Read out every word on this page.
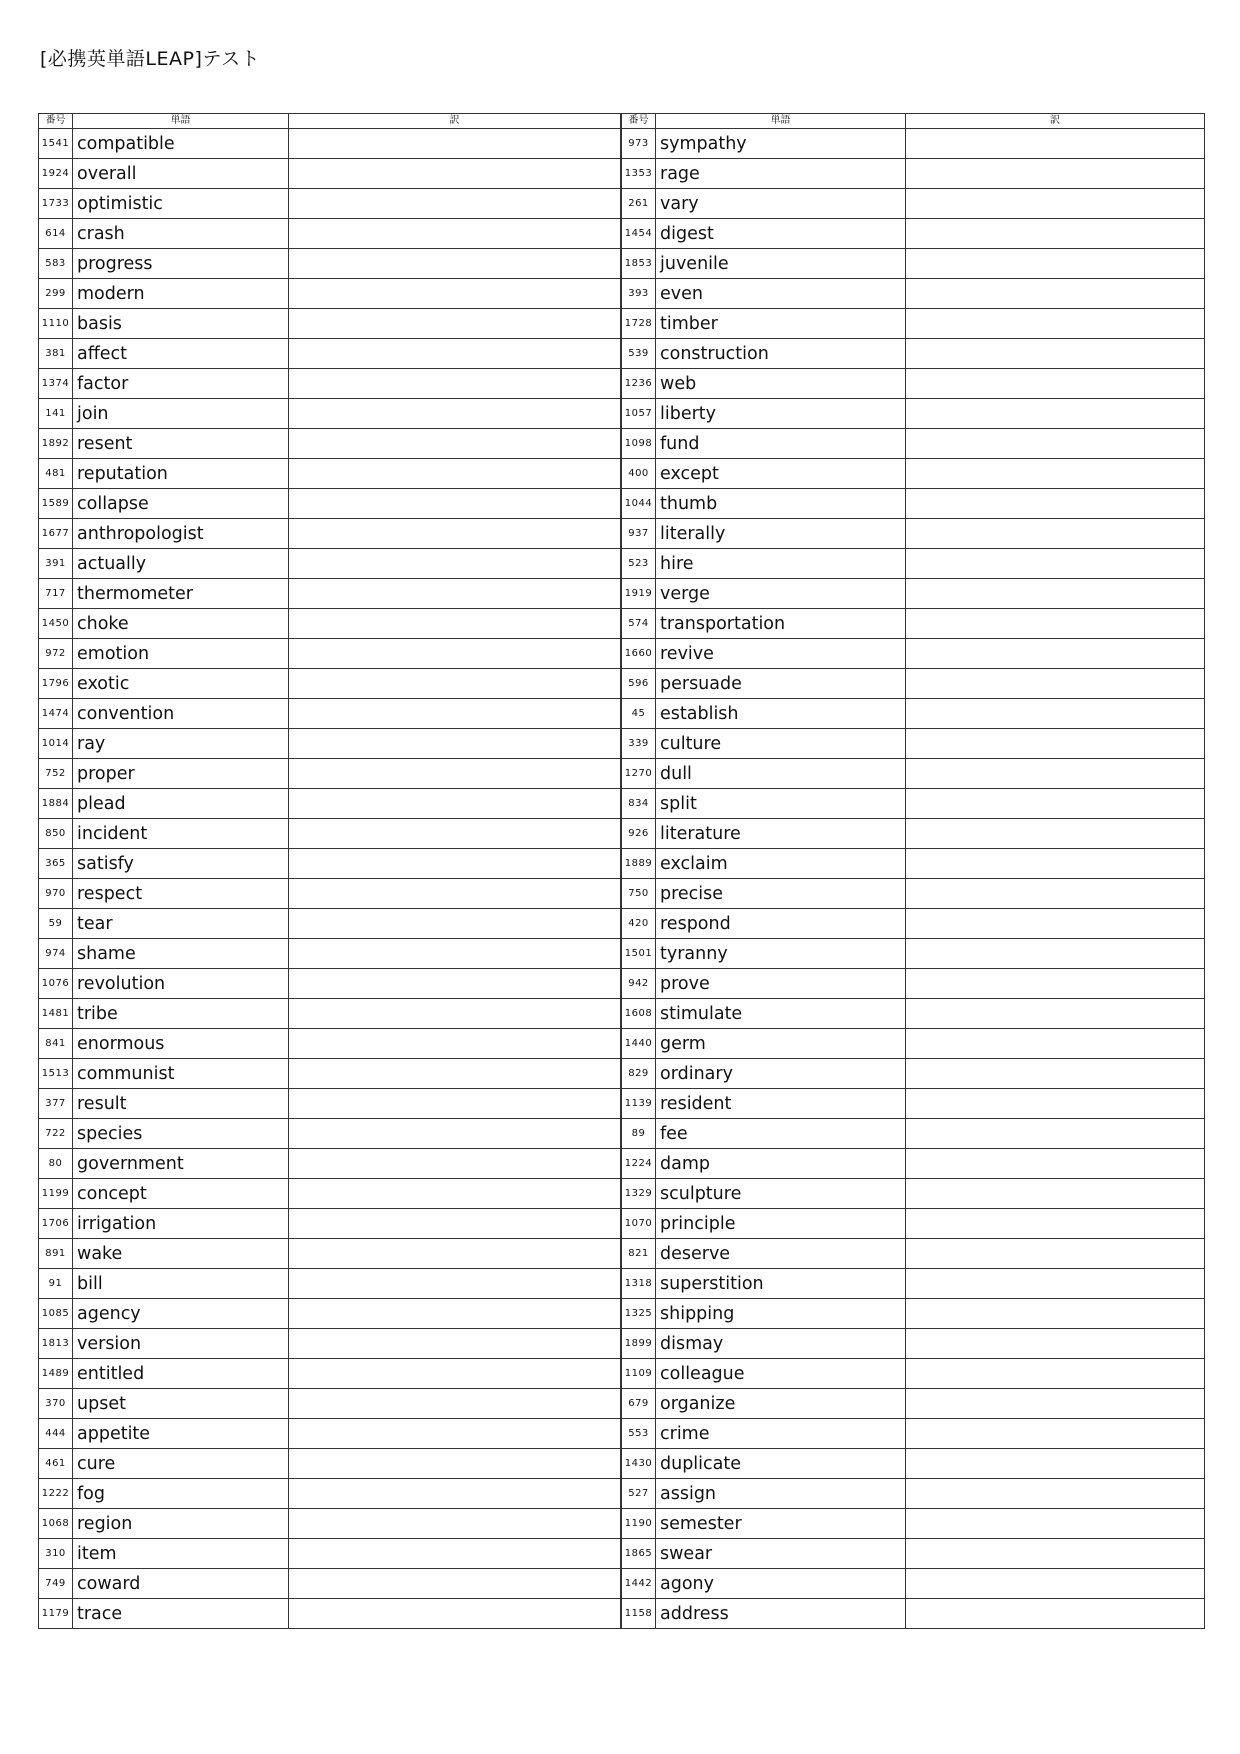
[必携英単語LEAP]テスト
番号	単語	訳
1541	compatible	
1924	overall	
1733	optimistic	
614	crash	
583	progress	
299	modern	
1110	basis	
381	affect	
1374	factor	
141	join	
1892	resent	
481	reputation	
1589	collapse	
1677	anthropologist	
391	actually	
717	thermometer	
1450	choke	
972	emotion	
1796	exotic	
1474	convention	
1014	ray	
752	proper	
1884	plead	
850	incident	
365	satisfy	
970	respect	
59	tear	
974	shame	
1076	revolution	
1481	tribe	
841	enormous	
1513	communist	
377	result	
722	species	
80	government	
1199	concept	
1706	irrigation	
891	wake	
91	bill	
1085	agency	
1813	version	
1489	entitled	
370	upset	
444	appetite	
461	cure	
1222	fog	
1068	region	
310	item	
749	coward	
1179	trace	
番号	単語	訳
973	sympathy	
1353	rage	
261	vary	
1454	digest	
1853	juvenile	
393	even	
1728	timber	
539	construction	
1236	web	
1057	liberty	
1098	fund	
400	except	
1044	thumb	
937	literally	
523	hire	
1919	verge	
574	transportation	
1660	revive	
596	persuade	
45	establish	
339	culture	
1270	dull	
834	split	
926	literature	
1889	exclaim	
750	precise	
420	respond	
1501	tyranny	
942	prove	
1608	stimulate	
1440	germ	
829	ordinary	
1139	resident	
89	fee	
1224	damp	
1329	sculpture	
1070	principle	
821	deserve	
1318	superstition	
1325	shipping	
1899	dismay	
1109	colleague	
679	organize	
553	crime	
1430	duplicate	
527	assign	
1190	semester	
1865	swear	
1442	agony	
1158	address	
